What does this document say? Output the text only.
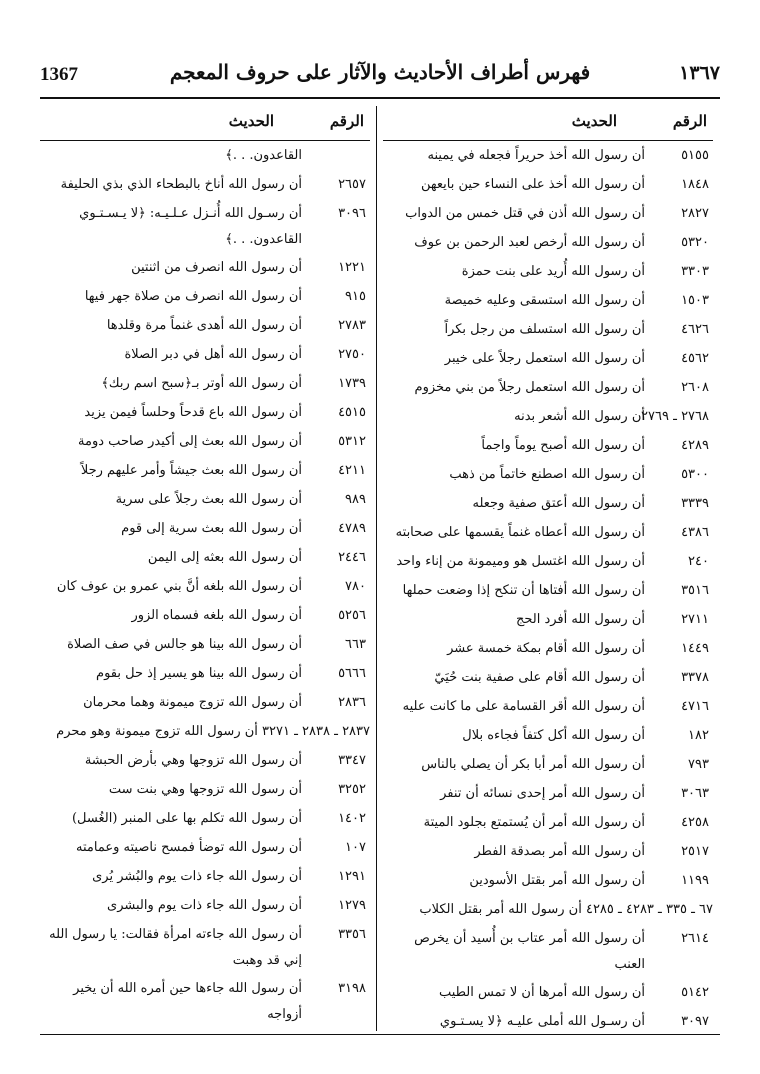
1367	فهرس أطراف الأحاديث والآثار على حروف المعجم	١٣٦٧
الرقم
الحديث
٥١٥٥
أن رسول الله أخذ حريراً فجعله في يمينه
١٨٤٨
أن رسول الله أخذ على النساء حين بايعهن
٢٨٢٧
أن رسول الله أذن في قتل خمس من الدواب
٥٣٢٠
أن رسول الله أرخص لعبد الرحمن بن عوف
٣٣٠٣
أن رسول الله أُريد على بنت حمزة
١٥٠٣
أن رسول الله استسقى وعليه خميصة
٤٦٢٦
أن رسول الله استسلف من رجل بكراً
٤٥٦٢
أن رسول الله استعمل رجلاً على خيبر
٢٦٠٨
أن رسول الله استعمل رجلاً من بني مخزوم
٢٧٦٨ ـ ٢٧٦٩
أن رسول الله أشعر بدنه
٤٢٨٩
أن رسول الله أصبح يوماً واجماً
٥٣٠٠
أن رسول الله اصطنع خاتماً من ذهب
٣٣٣٩
أن رسول الله أعتق صفية وجعله
٤٣٨٦
أن رسول الله أعطاه غنماً يقسمها على صحابته
٢٤٠
أن رسول الله اغتسل هو وميمونة من إناء واحد
٣٥١٦
أن رسول الله أفتاها أن تنكح إذا وضعت حملها
٢٧١١
أن رسول الله أفرد الحج
١٤٤٩
أن رسول الله أقام بمكة خمسة عشر
٣٣٧٨
أن رسول الله أقام على صفية بنت حُيَيّ
٤٧١٦
أن رسول الله أقر القسامة على ما كانت عليه
١٨٢
أن رسول الله أكل كتفاً فجاءه بلال
٧٩٣
أن رسول الله أمر أبا بكر أن يصلي بالناس
٣٠٦٣
أن رسول الله أمر إحدى نسائه أن تنفر
٤٢٥٨
أن رسول الله أمر أن يُستمتع بجلود الميتة
٢٥١٧
أن رسول الله أمر بصدقة الفطر
١١٩٩
أن رسول الله أمر بقتل الأسودين
٦٧ ـ ٣٣٥ ـ ٤٢٨٣ ـ ٤٢٨٥ أن رسول الله أمر بقتل الكلاب
٢٦١٤
أن رسول الله أمر عتاب بن أُسيد أن يخرص العنب
٥١٤٢
أن رسول الله أمرها أن لا تمس الطيب
٣٠٩٧
أن رسـول الله أملى عليـه ﴿لا يسـتـوي
الرقم
الحديث
القاعدون. . .﴾
٢٦٥٧
أن رسول الله أناخ بالبطحاء الذي بذي الحليفة
٣٠٩٦
أن رسـول الله أُنـزل عـلـيـه: ﴿لا يـسـتـوي القاعدون. . .﴾
١٢٢١
أن رسول الله انصرف من اثنتين
٩١٥
أن رسول الله انصرف من صلاة جهر فيها
٢٧٨٣
أن رسول الله أهدى غنماً مرة وقلدها
٢٧٥٠
أن رسول الله أهل في دبر الصلاة
١٧٣٩
أن رسول الله أوتر بـ﴿سبح اسم ربك﴾
٤٥١٥
أن رسول الله باع قدحاً وحلساً فيمن يزيد
٥٣١٢
أن رسول الله بعث إلى أكيدر صاحب دومة
٤٢١١
أن رسول الله بعث جيشاً وأمر عليهم رجلاً
٩٨٩
أن رسول الله بعث رجلاً على سرية
٤٧٨٩
أن رسول الله بعث سرية إلى قوم
٢٤٤٦
أن رسول الله بعثه إلى اليمن
٧٨٠
أن رسول الله بلغه أنَّ بني عمرو بن عوف كان
٥٢٥٦
أن رسول الله بلغه فسماه الزور
٦٦٣
أن رسول الله بينا هو جالس في صف الصلاة
٥٦٦٦
أن رسول الله بينا هو يسير إذ حل بقوم
٢٨٣٦
أن رسول الله تزوج ميمونة وهما محرمان
٢٨٣٧ ـ ٢٨٣٨ ـ ٣٢٧١ أن رسول الله تزوج ميمونة وهو محرم
٣٣٤٧
أن رسول الله تزوجها وهي بأرض الحبشة
٣٢٥٢
أن رسول الله تزوجها وهي بنت ست
١٤٠٢
أن رسول الله تكلم بها على المنبر (الغُسل)
١٠٧
أن رسول الله توضأ فمسح ناصيته وعمامته
١٢٩١
أن رسول الله جاء ذات يوم والبُشر يُرى
١٢٧٩
أن رسول الله جاء ذات يوم والبشرى
٣٣٥٦
أن رسول الله جاءته امرأة فقالت: يا رسول الله إني قد وهبت
٣١٩٨
أن رسول الله جاءها حين أمره الله أن يخير أزواجه
